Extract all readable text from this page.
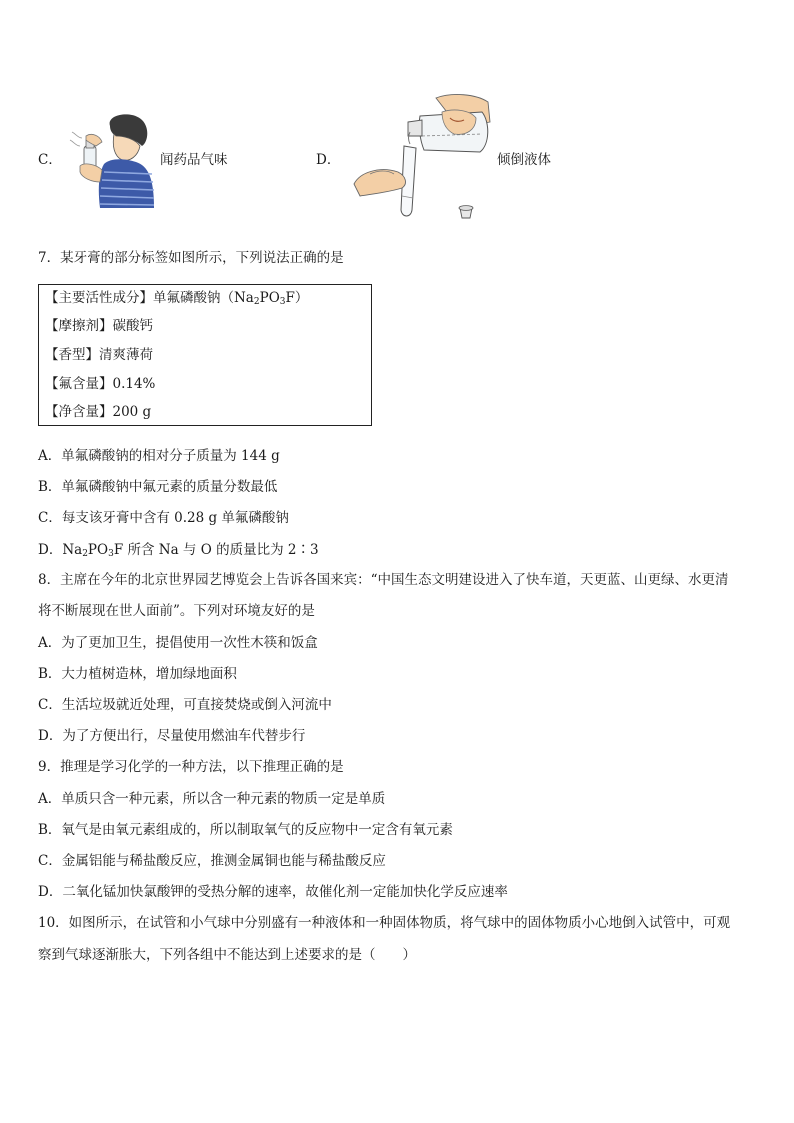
C．	闻药品气味	D．	倾倒液体
7．某牙膏的部分标签如图所示，下列说法正确的是
【主要活性成分】单氟磷酸钠$(Na_2PO_3F)$
【摩擦剂】碳酸钙
【香型】清爽薄荷
【氟含量】0.14%
【净含量】200 g
A．单氟磷酸钠的相对分子质量为 144 g
B．单氟磷酸钠中氟元素的质量分数最低
C．每支该牙膏中含有 0.28 g 单氟磷酸钠
D．$Na_2PO_3F$ 所含 Na 与 O 的质量比为 2∶3
8．主席在今年的北京世界园艺博览会上告诉各国来宾：“中国生态文明建设进入了快车道，天更蓝、山更绿、水更清
将不断展现在世人面前”。下列对环境友好的是
A．为了更加卫生，提倡使用一次性木筷和饭盒
B．大力植树造林，增加绿地面积
C．生活垃圾就近处理，可直接焚烧或倒入河流中
D．为了方便出行，尽量使用燃油车代替步行
9．推理是学习化学的一种方法，以下推理正确的是
A．单质只含一种元素，所以含一种元素的物质一定是单质
B．氧气是由氧元素组成的，所以制取氧气的反应物中一定含有氧元素
C．金属铝能与稀盐酸反应，推测金属铜也能与稀盐酸反应
D．二氧化锰加快氯酸钾的受热分解的速率，故催化剂一定能加快化学反应速率
10．如图所示，在试管和小气球中分别盛有一种液体和一种固体物质，将气球中的固体物质小心地倒入试管中，可观
察到气球逐渐胀大，下列各组中不能达到上述要求的是（　　）
